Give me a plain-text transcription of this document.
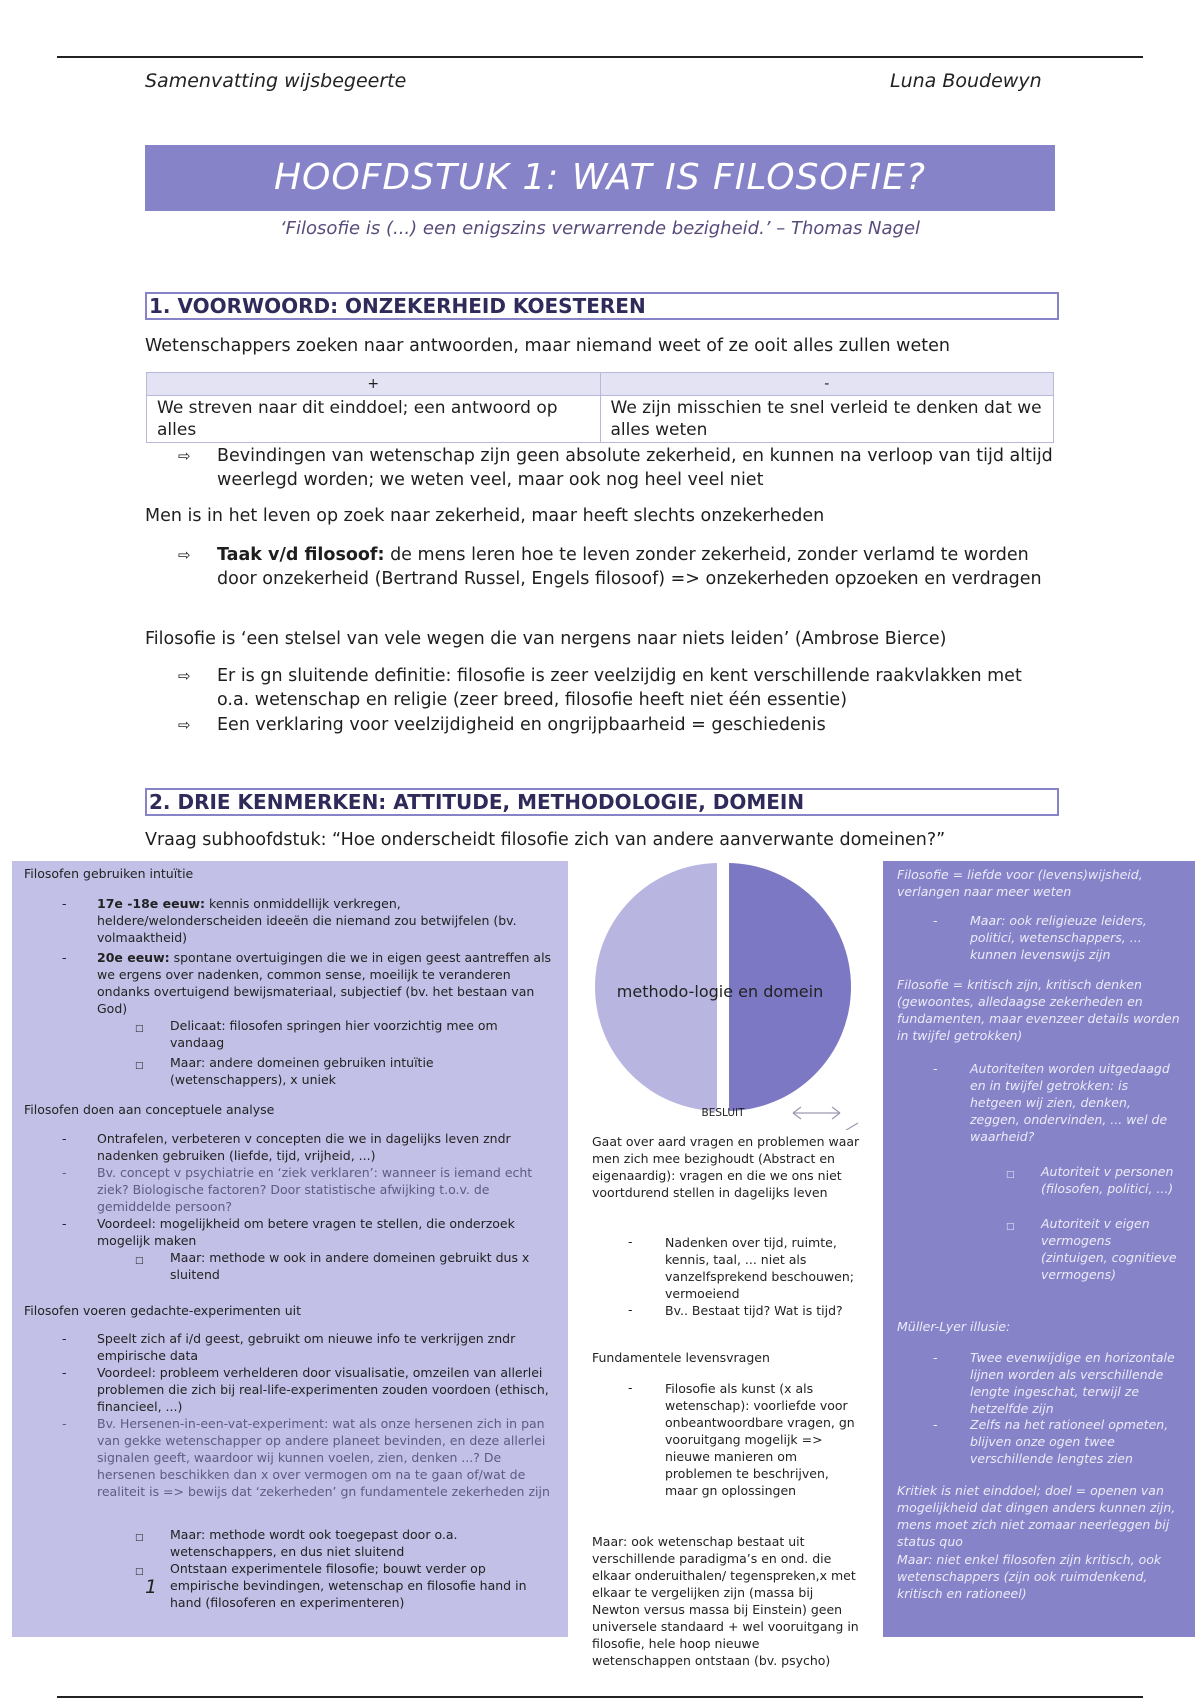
Samenvatting wijsbegeerte	Luna Boudewyn
HOOFDSTUK 1: WAT IS FILOSOFIE?
‘Filosofie is (...) een enigszins verwarrende bezigheid.’ – Thomas Nagel
1. VOORWOORD: ONZEKERHEID KOESTEREN
Wetenschappers zoeken naar antwoorden, maar niemand weet of ze ooit alles zullen weten
+	-
We streven naar dit einddoel; een antwoord op alles	We zijn misschien te snel verleid te denken dat we alles weten
⇨ Bevindingen van wetenschap zijn geen absolute zekerheid, en kunnen na verloop van tijd altijd weerlegd worden; we weten veel, maar ook nog heel veel niet
Men is in het leven op zoek naar zekerheid, maar heeft slechts onzekerheden
⇨ Taak v/d filosoof: de mens leren hoe te leven zonder zekerheid, zonder verlamd te worden door onzekerheid (Bertrand Russel, Engels filosoof) => onzekerheden opzoeken en verdragen
Filosofie is ‘een stelsel van vele wegen die van nergens naar niets leiden’ (Ambrose Bierce)
⇨ Er is gn sluitende definitie: filosofie is zeer veelzijdig en kent verschillende raakvlakken met o.a. wetenschap en religie (zeer breed, filosofie heeft niet één essentie)
⇨ Een verklaring voor veelzijdigheid en ongrijpbaarheid = geschiedenis
2. DRIE KENMERKEN: ATTITUDE, METHODOLOGIE, DOMEIN
Vraag subhoofdstuk: “Hoe onderscheidt filosofie zich van andere aanverwante domeinen?”
Filosofen gebruiken intuïtie
- 17e -18e eeuw: kennis onmiddellijk verkregen, heldere/welonderscheiden ideeën die niemand zou betwijfelen (bv. volmaaktheid)
- 20e eeuw: spontane overtuigingen die we in eigen geest aantreffen als we ergens over nadenken, common sense, moeilijk te veranderen ondanks overtuigend bewijsmateriaal, subjectief (bv. het bestaan van God)
□ Delicaat: filosofen springen hier voorzichtig mee om vandaag
□ Maar: andere domeinen gebruiken intuïtie (wetenschappers), x uniek
Filosofen doen aan conceptuele analyse
- Ontrafelen, verbeteren v concepten die we in dagelijks leven zndr nadenken gebruiken (liefde, tijd, vrijheid, ...)
- Bv. concept v psychiatrie en ‘ziek verklaren’: wanneer is iemand echt ziek? Biologische factoren? Door statistische afwijking t.o.v. de gemiddelde persoon?
- Voordeel: mogelijkheid om betere vragen te stellen, die onderzoek mogelijk maken
□ Maar: methode w ook in andere domeinen gebruikt dus x sluitend
Filosofen voeren gedachte-experimenten uit
- Speelt zich af i/d geest, gebruikt om nieuwe info te verkrijgen zndr empirische data
- Voordeel: probleem verhelderen door visualisatie, omzeilen van allerlei problemen die zich bij real-life-experimenten zouden voordoen (ethisch, financieel, ...)
- Bv. Hersenen-in-een-vat-experiment: wat als onze hersenen zich in pan van gekke wetenschapper op andere planeet bevinden, en deze allerlei signalen geeft, waardoor wij kunnen voelen, zien, denken ...? De hersenen beschikken dan x over vermogen om na te gaan of/wat de realiteit is => bewijs dat ‘zekerheden’ gn fundamentele zekerheden zijn
□ Maar: methode wordt ook toegepast door o.a. wetenschappers, en dus niet sluitend
□ Ontstaan experimentele filosofie; bouwt verder op empirische bevindingen, wetenschap en filosofie hand in hand (filosoferen en experimenteren)
1
methodo-logie en domein
BESLUIT
Gaat over aard vragen en problemen waar men zich mee bezighoudt (Abstract en eigenaardig): vragen en die we ons niet voortdurend stellen in dagelijks leven
-	Nadenken over tijd, ruimte, kennis, taal, ... niet als vanzelfsprekend beschouwen; vermoeiend
-	Bv.. Bestaat tijd? Wat is tijd?
Fundamentele levensvragen
-	Filosofie als kunst (x als wetenschap): voorliefde voor onbeantwoordbare vragen, gn vooruitgang mogelijk => nieuwe manieren om problemen te beschrijven, maar gn oplossingen
Maar: ook wetenschap bestaat uit verschillende paradigma’s en ond. die elkaar onderuithalen/ tegenspreken,x met elkaar te vergelijken zijn (massa bij Newton versus massa bij Einstein) geen universele standaard + wel vooruitgang in filosofie, hele hoop nieuwe wetenschappen ontstaan (bv. psycho)
Filosofie = liefde voor (levens)wijsheid, verlangen naar meer weten
-	Maar: ook religieuze leiders, politici, wetenschappers, ... kunnen levenswijs zijn
Filosofie = kritisch zijn, kritisch denken (gewoontes, alledaagse zekerheden en fundamenten, maar evenzeer details worden in twijfel getrokken)
-	Autoriteiten worden uitgedaagd en in twijfel getrokken: is hetgeen wij zien, denken, zeggen, ondervinden, ... wel de waarheid?
□ Autoriteit v personen (filosofen, politici, ...)
□ Autoriteit v eigen vermogens (zintuigen, cognitieve vermogens)
Müller-Lyer illusie:
-	Twee evenwijdige en horizontale lijnen worden als verschillende lengte ingeschat, terwijl ze hetzelfde zijn
-	Zelfs na het rationeel opmeten, blijven onze ogen twee verschillende lengtes zien
Kritiek is niet einddoel; doel = openen van mogelijkheid dat dingen anders kunnen zijn, mens moet zich niet zomaar neerleggen bij status quo
Maar: niet enkel filosofen zijn kritisch, ook wetenschappers (zijn ook ruimdenkend, kritisch en rationeel)
